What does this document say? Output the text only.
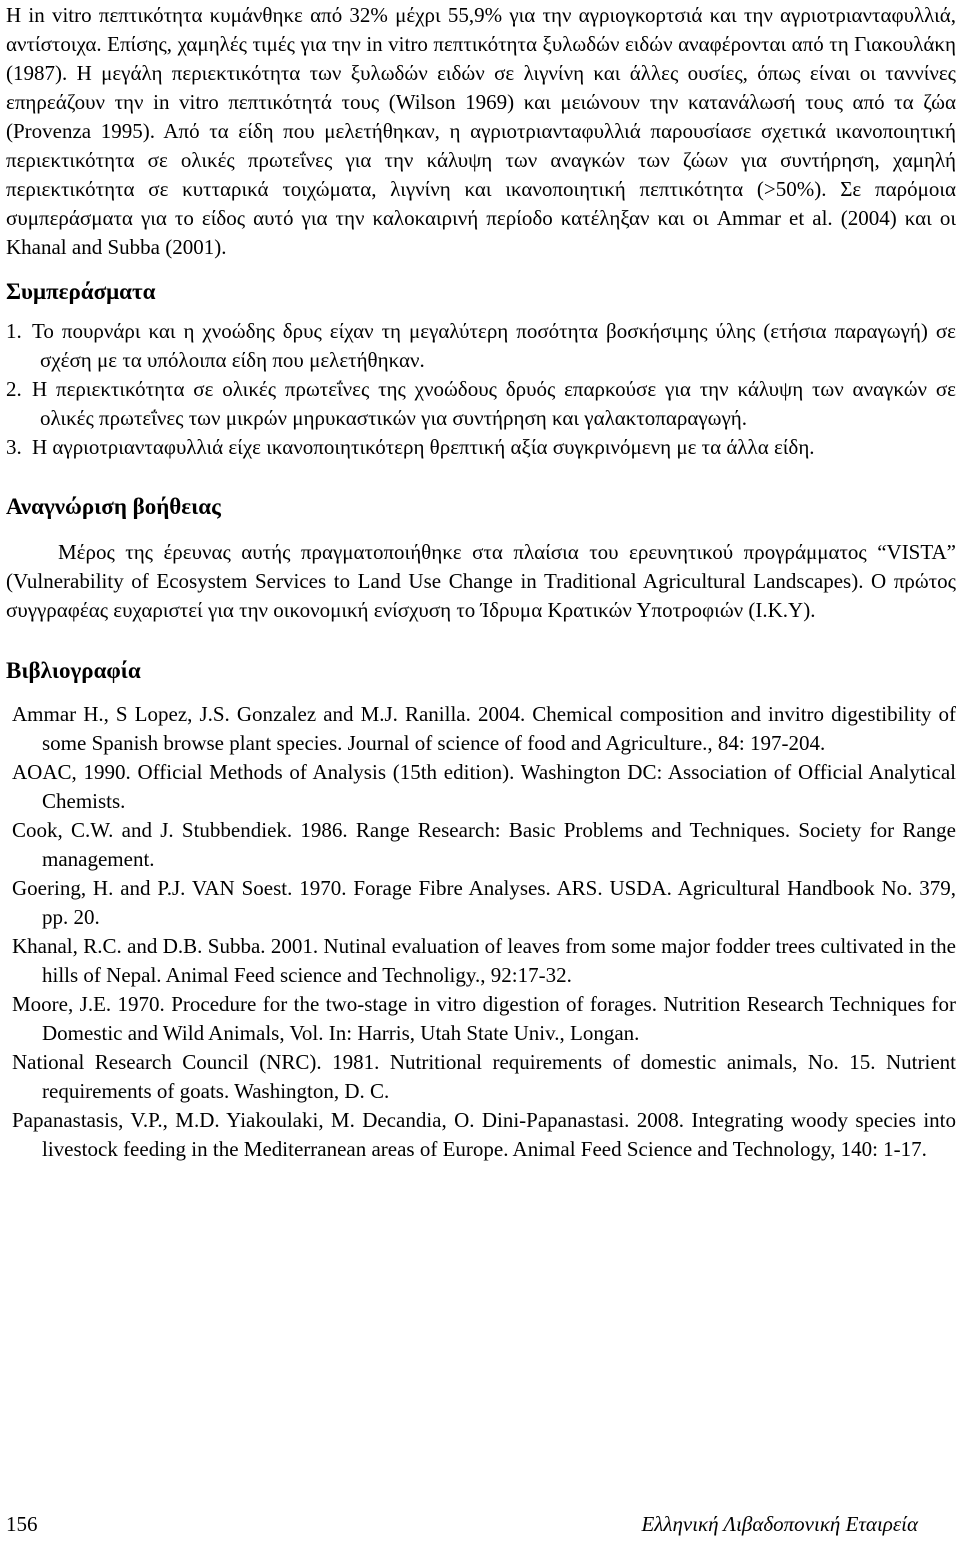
Η in vitro πεπτικότητα κυμάνθηκε από 32% μέχρι 55,9% για την αγριογκορτσιά και την αγριοτριανταφυλλιά, αντίστοιχα. Επίσης, χαμηλές τιμές για την in vitro πεπτικότητα ξυλωδών ειδών αναφέρονται από τη Γιακουλάκη (1987). Η μεγάλη περιεκτικότητα των ξυλωδών ειδών σε λιγνίνη και άλλες ουσίες, όπως είναι οι ταννίνες επηρεάζουν την in vitro πεπτικότητά τους (Wilson 1969) και μειώνουν την κατανάλωσή τους από τα ζώα (Provenza 1995). Από τα είδη που μελετήθηκαν, η αγριοτριανταφυλλιά παρουσίασε σχετικά ικανοποιητική περιεκτικότητα σε ολικές πρωτεΐνες για την κάλυψη των αναγκών των ζώων για συντήρηση, χαμηλή περιεκτικότητα σε κυτταρικά τοιχώματα, λιγνίνη και ικανοποιητική πεπτικότητα (>50%). Σε παρόμοια συμπεράσματα για το είδος αυτό για την καλοκαιρινή περίοδο κατέληξαν και οι Ammar et al. (2004) και οι Khanal and Subba (2001).

Συμπεράσματα
1. Το πουρνάρι και η χνοώδης δρυς είχαν τη μεγαλύτερη ποσότητα βοσκήσιμης ύλης (ετήσια παραγωγή) σε σχέση με τα υπόλοιπα είδη που μελετήθηκαν.
2. Η περιεκτικότητα σε ολικές πρωτεΐνες της χνοώδους δρυός επαρκούσε για την κάλυψη των αναγκών σε ολικές πρωτεΐνες των μικρών μηρυκαστικών για συντήρηση και γαλακτοπαραγωγή.
3. Η αγριοτριανταφυλλιά είχε ικανοποιητικότερη θρεπτική αξία συγκρινόμενη με τα άλλα είδη.
Αναγνώριση βοήθειας

Μέρος της έρευνας αυτής πραγματοποιήθηκε στα πλαίσια του ερευνητικού προγράμματος “VISTA” (Vulnerability of Ecosystem Services to Land Use Change in Traditional Agricultural Landscapes). Ο πρώτος συγγραφέας ευχαριστεί για την οικονομική ενίσχυση το Ίδρυμα Κρατικών Υποτροφιών (Ι.Κ.Υ).

Βιβλιογραφία
Ammar H., S Lopez, J.S. Gonzalez and M.J. Ranilla. 2004. Chemical composition and invitro digestibility of some Spanish browse plant species. Journal of science of food and Agriculture., 84: 197-204.
AOAC, 1990. Official Methods of Analysis (15th edition). Washington DC: Association of Official Analytical Chemists.
Cook, C.W. and J. Stubbendiek. 1986. Range Research: Basic Problems and Techniques. Society for Range management.
Goering, H. and P.J. VAN Soest. 1970. Forage Fibre Analyses. ARS. USDA. Agricultural Handbook No. 379, pp. 20.
Khanal, R.C. and D.B. Subba. 2001. Nutinal evaluation of leaves from some major fodder trees cultivated in the hills of Nepal. Animal Feed science and Technoligy., 92:17-32.
Moore, J.E. 1970. Procedure for the two-stage in vitro digestion of forages. Nutrition Research Techniques for Domestic and Wild Animals, Vol. In: Harris, Utah State Univ., Longan.
National Research Council (NRC). 1981. Nutritional requirements of domestic animals, No. 15. Nutrient requirements of goats. Washington, D. C.
Papanastasis, V.P., M.D. Yiakoulaki, M. Decandia, O. Dini-Papanastasi. 2008. Integrating woody species into livestock feeding in the Mediterranean areas of Europe. Animal Feed Science and Technology, 140: 1-17.
156	Ελληνική Λιβαδοπονική Εταιρεία
